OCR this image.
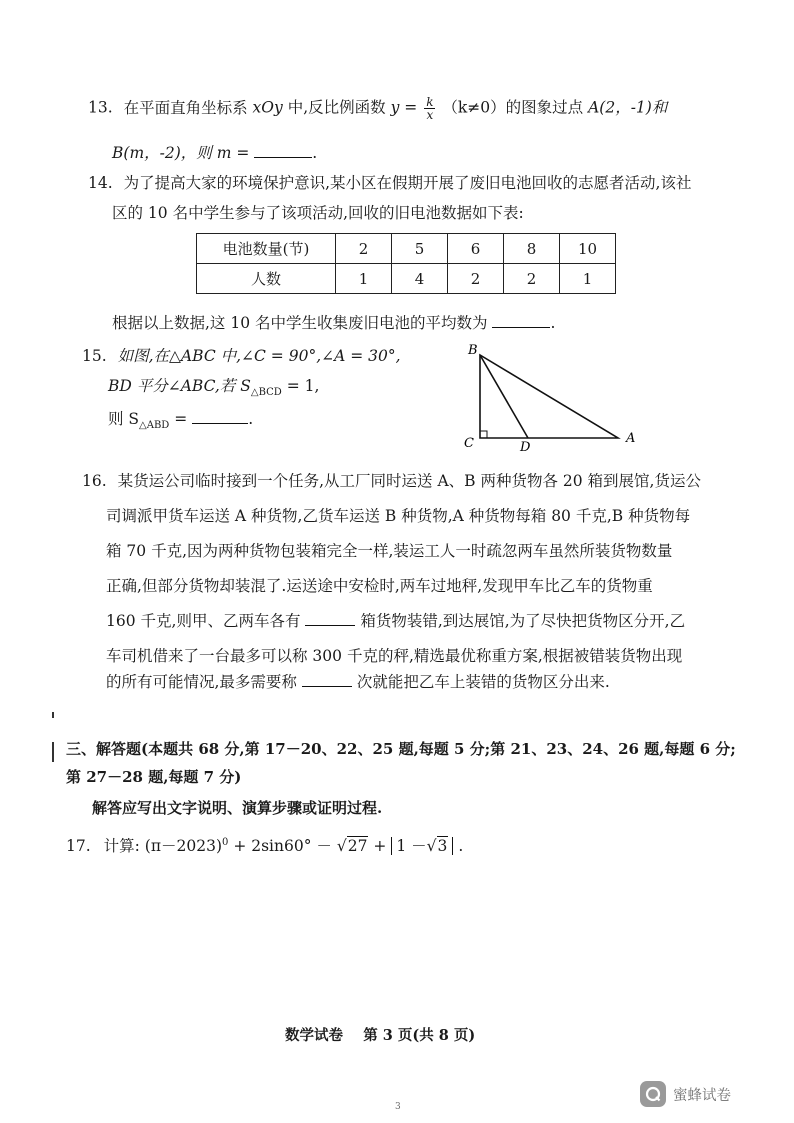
13. 在平面直角坐标系 xOy 中,反比例函数 $y = \frac{k}{x} (k\ne 0)$的图象过点 A(2，-1)和
B(m，-2)，则 m =	.
14. 为了提高大家的环境保护意识,某小区在假期开展了废旧电池回收的志愿者活动,该社
区的 10 名中学生参与了该项活动,回收的旧电池数据如下表:
电池数量(节)	2	5	6	8	10
人数	1	4	2	2	1
根据以上数据,这 10 名中学生收集废旧电池的平均数为	.
15. 如图,在△ABC 中,∠C = 90°,∠A = 30°,
BD 平分∠ABC,若 $S_{\triangle BCD} = 1$,
则 $S_{\triangle ABD}$ =	.
B
C	D
A
16. 某货运公司临时接到一个任务,从工厂同时运送 A、B 两种货物各 20 箱到展馆,货运公
司调派甲货车运送 A 种货物,乙货车运送 B 种货物,A 种货物每箱 80 千克,B 种货物每
箱 70 千克,因为两种货物包装箱完全一样,装运工人一时疏忽两车虽然所装货物数量
正确,但部分货物却装混了.运送途中安检时,两车过地秤,发现甲车比乙车的货物重
160 千克,则甲、乙两车各有	箱货物装错,到达展馆,为了尽快把货物区分开,乙
车司机借来了一台最多可以称 300 千克的秤,精选最优称重方案,根据被错装货物出现
的所有可能情况,最多需要称	次就能把乙车上装错的货物区分出来.
三、解答题(本题共 68 分,第 17－20、22、25 题,每题 5 分;第 21、23、24、26 题,每题 6 分;
第 27－28 题,每题 7 分)
解答应写出文字说明、演算步骤或证明过程.
17. 计算: $(\pi-2023)^0 + 2\sin 60^\circ - √27 + 1 -√3$ .
数学试卷    第 3 页(共 8 页)
3
蜜蜂试卷
